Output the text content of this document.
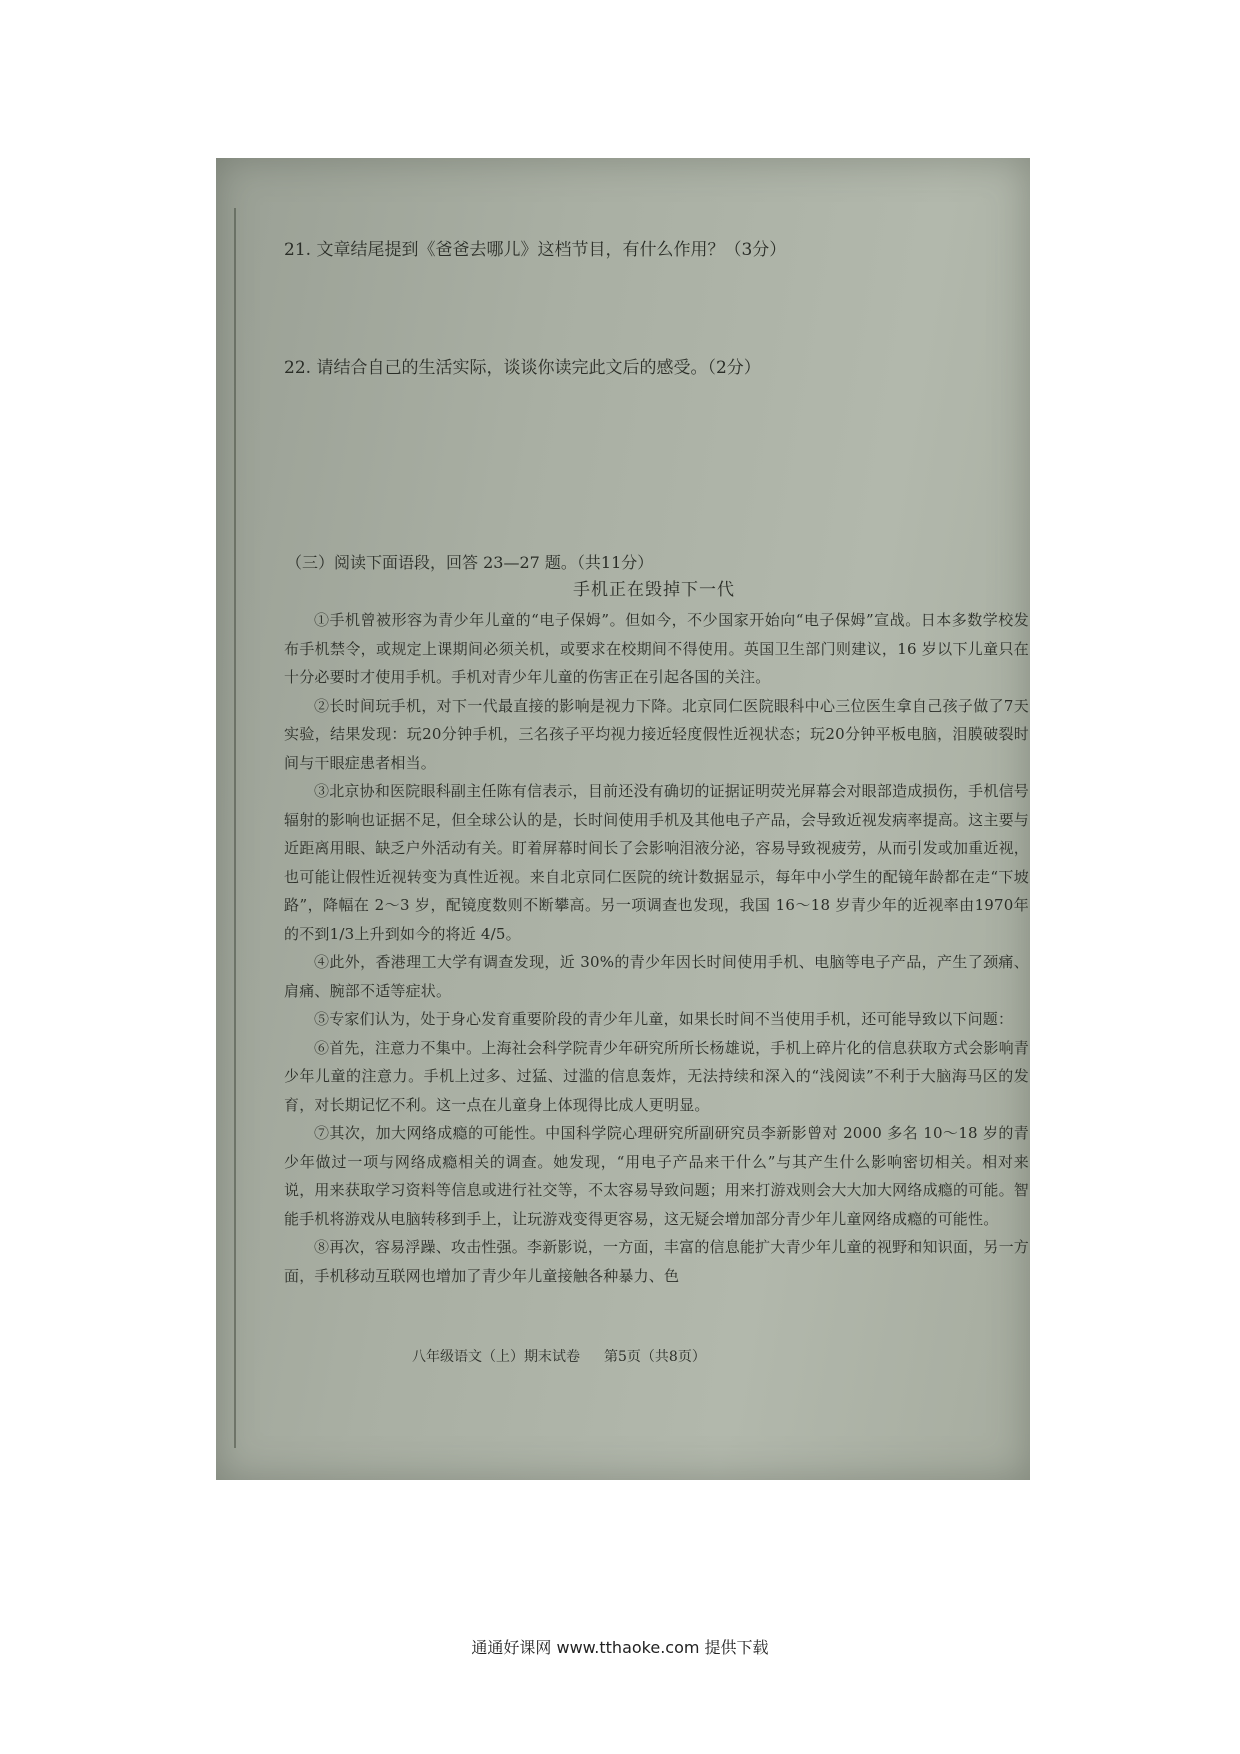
21. 文章结尾提到《爸爸去哪儿》这档节目，有什么作用？（3分）
22. 请结合自己的生活实际，谈谈你读完此文后的感受。（2分）
（三）阅读下面语段，回答 23—27 题。（共11分）
手机正在毁掉下一代

①手机曾被形容为青少年儿童的“电子保姆”。但如今，不少国家开始向“电子保姆”宣战。日本多数学校发布手机禁令，或规定上课期间必须关机，或要求在校期间不得使用。英国卫生部门则建议，16 岁以下儿童只在十分必要时才使用手机。手机对青少年儿童的伤害正在引起各国的关注。

②长时间玩手机，对下一代最直接的影响是视力下降。北京同仁医院眼科中心三位医生拿自己孩子做了7天实验，结果发现：玩20分钟手机，三名孩子平均视力接近轻度假性近视状态；玩20分钟平板电脑，泪膜破裂时间与干眼症患者相当。

③北京协和医院眼科副主任陈有信表示，目前还没有确切的证据证明荧光屏幕会对眼部造成损伤，手机信号辐射的影响也证据不足，但全球公认的是，长时间使用手机及其他电子产品，会导致近视发病率提高。这主要与近距离用眼、缺乏户外活动有关。盯着屏幕时间长了会影响泪液分泌，容易导致视疲劳，从而引发或加重近视，也可能让假性近视转变为真性近视。来自北京同仁医院的统计数据显示，每年中小学生的配镜年龄都在走“下坡路”，降幅在 2～3 岁，配镜度数则不断攀高。另一项调查也发现，我国 16～18 岁青少年的近视率由1970年的不到1/3上升到如今的将近 4/5。

④此外，香港理工大学有调查发现，近 30%的青少年因长时间使用手机、电脑等电子产品，产生了颈痛、肩痛、腕部不适等症状。

⑤专家们认为，处于身心发育重要阶段的青少年儿童，如果长时间不当使用手机，还可能导致以下问题：

⑥首先，注意力不集中。上海社会科学院青少年研究所所长杨雄说，手机上碎片化的信息获取方式会影响青少年儿童的注意力。手机上过多、过猛、过滥的信息轰炸，无法持续和深入的“浅阅读”不利于大脑海马区的发育，对长期记忆不利。这一点在儿童身上体现得比成人更明显。

⑦其次，加大网络成瘾的可能性。中国科学院心理研究所副研究员李新影曾对 2000 多名 10～18 岁的青少年做过一项与网络成瘾相关的调查。她发现，“用电子产品来干什么”与其产生什么影响密切相关。相对来说，用来获取学习资料等信息或进行社交等，不太容易导致问题；用来打游戏则会大大加大网络成瘾的可能。智能手机将游戏从电脑转移到手上，让玩游戏变得更容易，这无疑会增加部分青少年儿童网络成瘾的可能性。

⑧再次，容易浮躁、攻击性强。李新影说，一方面，丰富的信息能扩大青少年儿童的视野和知识面，另一方面，手机移动互联网也增加了青少年儿童接触各种暴力、色

八年级语文（上）期末试卷 第5页（共8页）
通通好课网 www.tthaoke.com 提供下载
